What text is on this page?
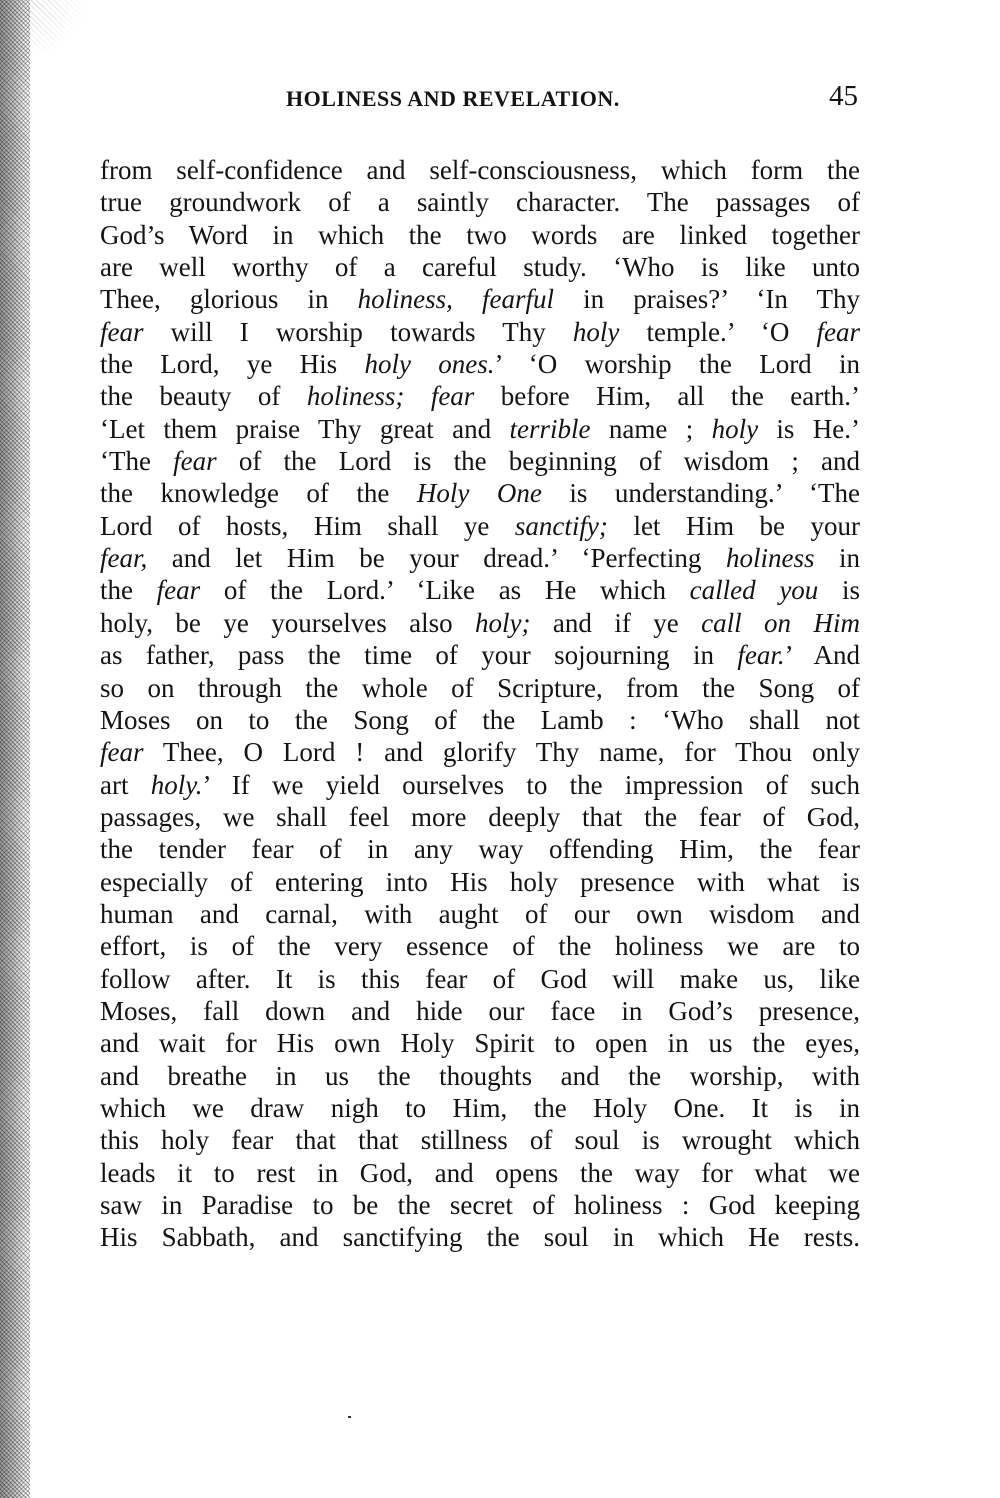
HOLINESS AND REVELATION.	45
from self-confidence and self-consciousness, which form the
true groundwork of a saintly character. The passages of
God’s Word in which the two words are linked together
are well worthy of a careful study. ‘Who is like unto
Thee, glorious in holiness, fearful in praises?’ ‘In Thy
fear will I worship towards Thy holy temple.’ ‘O fear
the Lord, ye His holy ones.’ ‘O worship the Lord in
the beauty of holiness; fear before Him, all the earth.’
‘Let them praise Thy great and terrible name ; holy is He.’
‘The fear of the Lord is the beginning of wisdom ; and
the knowledge of the Holy One is understanding.’ ‘The
Lord of hosts, Him shall ye sanctify; let Him be your
fear, and let Him be your dread.’ ‘Perfecting holiness in
the fear of the Lord.’ ‘Like as He which called you is
holy, be ye yourselves also holy; and if ye call on Him
as father, pass the time of your sojourning in fear.’ And
so on through the whole of Scripture, from the Song of
Moses on to the Song of the Lamb : ‘Who shall not
fear Thee, O Lord ! and glorify Thy name, for Thou only
art holy.’ If we yield ourselves to the impression of such
passages, we shall feel more deeply that the fear of God,
the tender fear of in any way offending Him, the fear
especially of entering into His holy presence with what is
human and carnal, with aught of our own wisdom and
effort, is of the very essence of the holiness we are to
follow after. It is this fear of God will make us, like
Moses, fall down and hide our face in God’s presence,
and wait for His own Holy Spirit to open in us the eyes,
and breathe in us the thoughts and the worship, with
which we draw nigh to Him, the Holy One. It is in
this holy fear that that stillness of soul is wrought which
leads it to rest in God, and opens the way for what we
saw in Paradise to be the secret of holiness : God keeping
His Sabbath, and sanctifying the soul in which He rests.
